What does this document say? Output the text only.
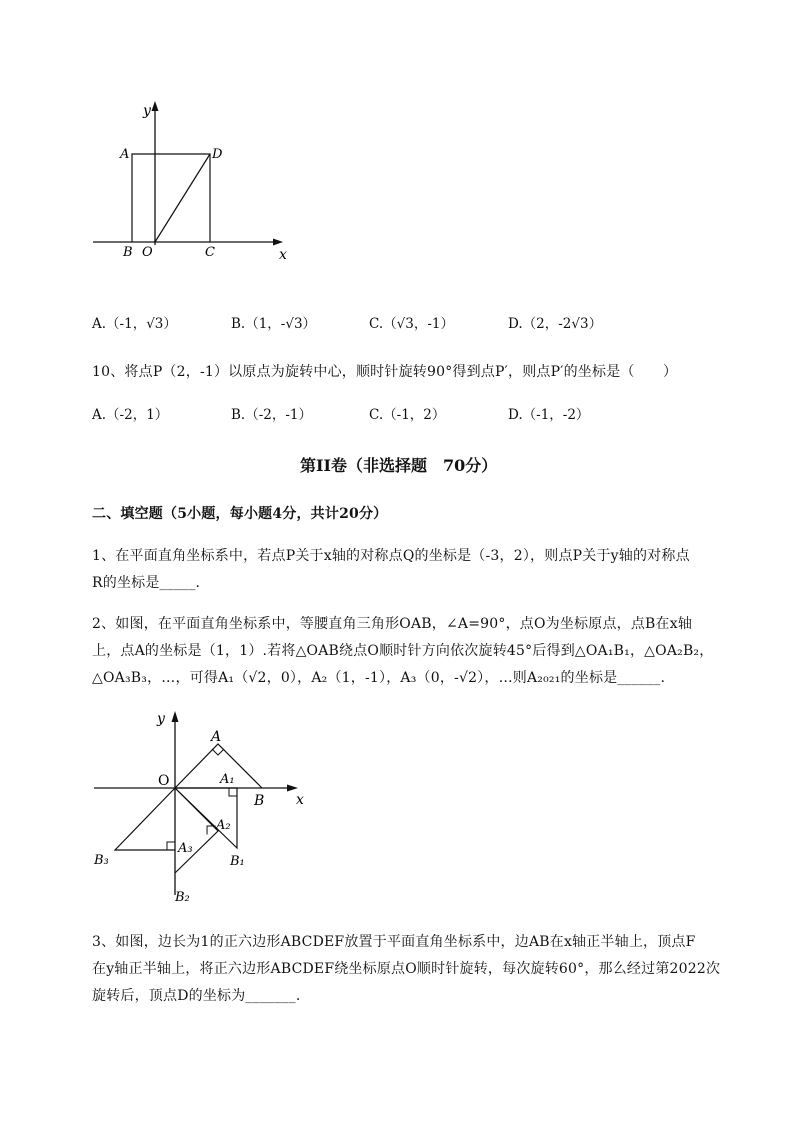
y
x
A	D
B O	C
A.（-1，√3）	B.（1，-√3）	C.（√3，-1）	D.（2，-2√3）
10、将点P（2，-1）以原点为旋转中心，顺时针旋转90°得到点P′，则点P′的坐标是（　　）
A.（-2，1）	B.（-2，-1）	C.（-1，2）	D.（-1，-2）
第II卷（非选择题　70分）
二、填空题（5小题，每小题4分，共计20分）
1、在平面直角坐标系中，若点P关于x轴的对称点Q的坐标是（-3，2），则点P关于y轴的对称点
R的坐标是_____.
2、如图，在平面直角坐标系中，等腰直角三角形OAB，∠A=90°，点O为坐标原点，点B在x轴
上，点A的坐标是（1，1）.若将△OAB绕点O顺时针方向依次旋转45°后得到△OA₁B₁，△OA₂B₂，
△OA₃B₃，…，可得A₁（√2，0），A₂（1，-1），A₃（0，-√2），…则A₂₀₂₁的坐标是______.
y
x
O
A
A₁
B
A₂
B₁
B₃
A₃
B₂
3、如图，边长为1的正六边形ABCDEF放置于平面直角坐标系中，边AB在x轴正半轴上，顶点F
在y轴正半轴上，将正六边形ABCDEF绕坐标原点O顺时针旋转，每次旋转60°，那么经过第2022次
旋转后，顶点D的坐标为_______.
